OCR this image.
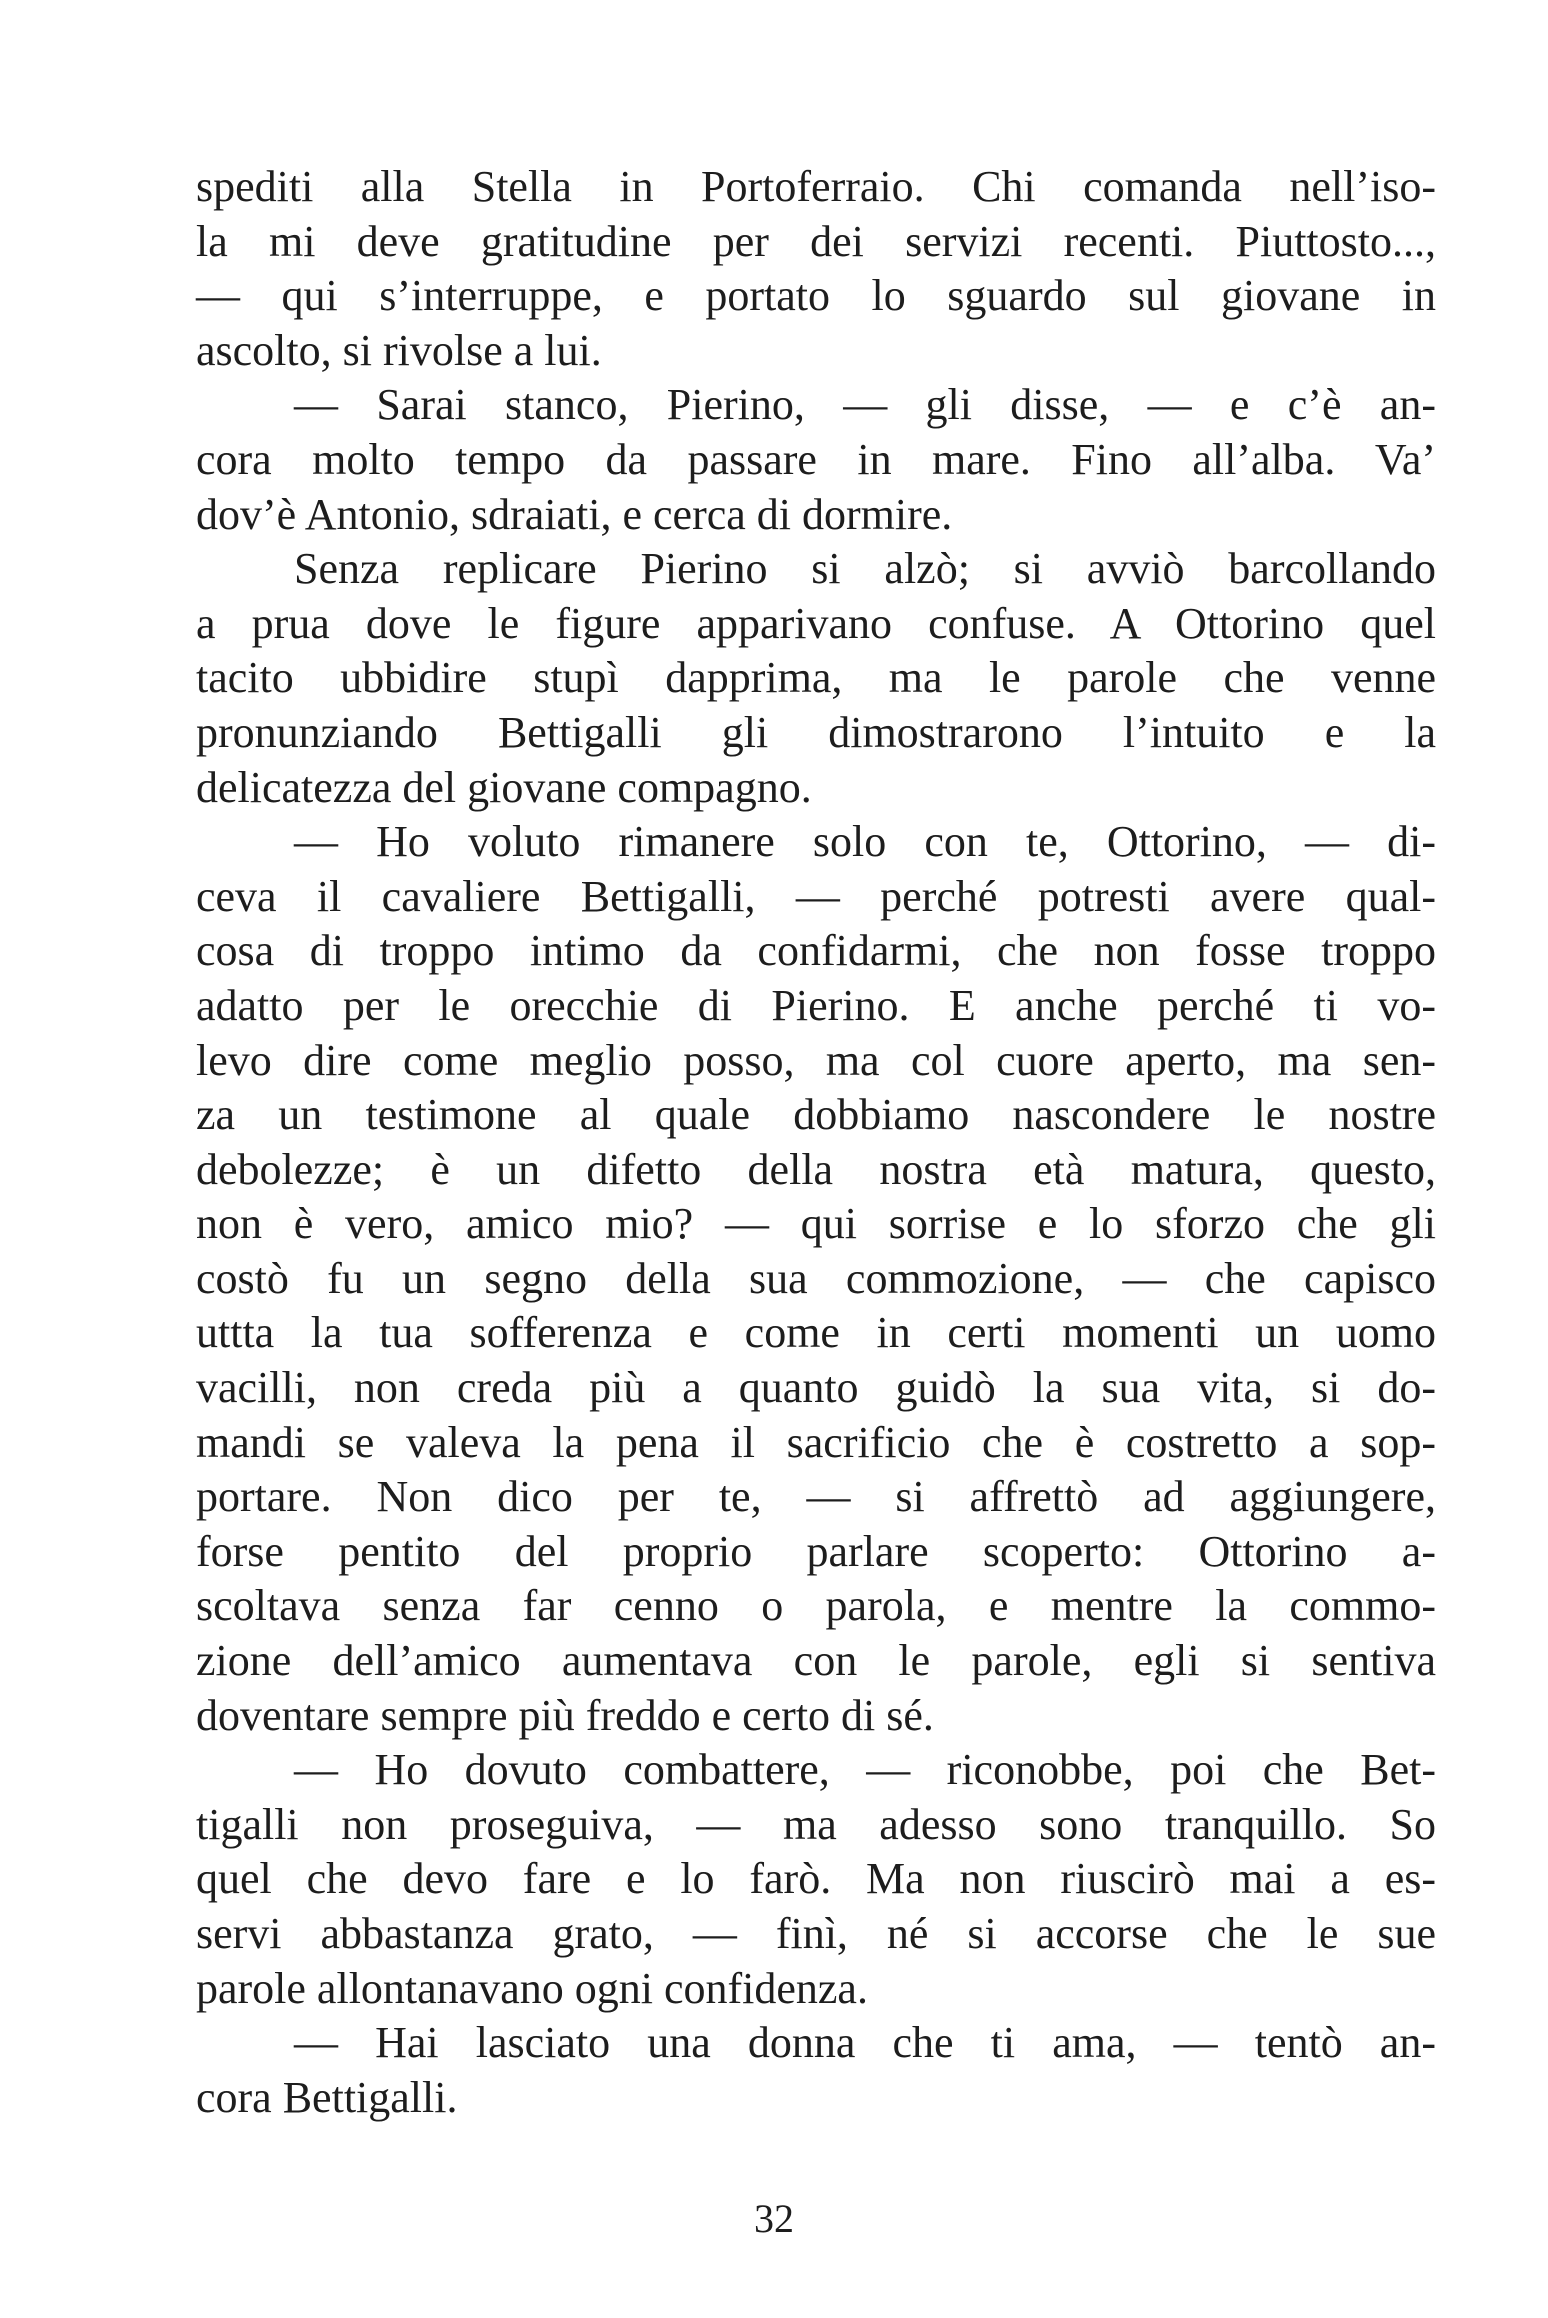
spediti alla Stella in Portoferraio. Chi comanda nell’iso-
la mi deve gratitudine per dei servizi recenti. Piuttosto...,
— qui s’interruppe, e portato lo sguardo sul giovane in
ascolto, si rivolse a lui.
— Sarai stanco, Pierino, — gli disse, — e c’è an-
cora molto tempo da passare in mare. Fino all’alba. Va’
dov’è Antonio, sdraiati, e cerca di dormire.
Senza replicare Pierino si alzò; si avviò barcollando
a prua dove le figure apparivano confuse. A Ottorino quel
tacito ubbidire stupì dapprima, ma le parole che venne
pronunziando Bettigalli gli dimostrarono l’intuito e la
delicatezza del giovane compagno.
— Ho voluto rimanere solo con te, Ottorino, — di-
ceva il cavaliere Bettigalli, — perché potresti avere qual-
cosa di troppo intimo da confidarmi, che non fosse troppo
adatto per le orecchie di Pierino. E anche perché ti vo-
levo dire come meglio posso, ma col cuore aperto, ma sen-
za un testimone al quale dobbiamo nascondere le nostre
debolezze; è un difetto della nostra età matura, questo,
non è vero, amico mio? — qui sorrise e lo sforzo che gli
costò fu un segno della sua commozione, — che capisco
uttta la tua sofferenza e come in certi momenti un uomo
vacilli, non creda più a quanto guidò la sua vita, si do-
mandi se valeva la pena il sacrificio che è costretto a sop-
portare. Non dico per te, — si affrettò ad aggiungere,
forse pentito del proprio parlare scoperto: Ottorino a-
scoltava senza far cenno o parola, e mentre la commo-
zione dell’amico aumentava con le parole, egli si sentiva
doventare sempre più freddo e certo di sé.
— Ho dovuto combattere, — riconobbe, poi che Bet-
tigalli non proseguiva, — ma adesso sono tranquillo. So
quel che devo fare e lo farò. Ma non riuscirò mai a es-
servi abbastanza grato, — finì, né si accorse che le sue
parole allontanavano ogni confidenza.
— Hai lasciato una donna che ti ama, — tentò an-
cora Bettigalli.
32
